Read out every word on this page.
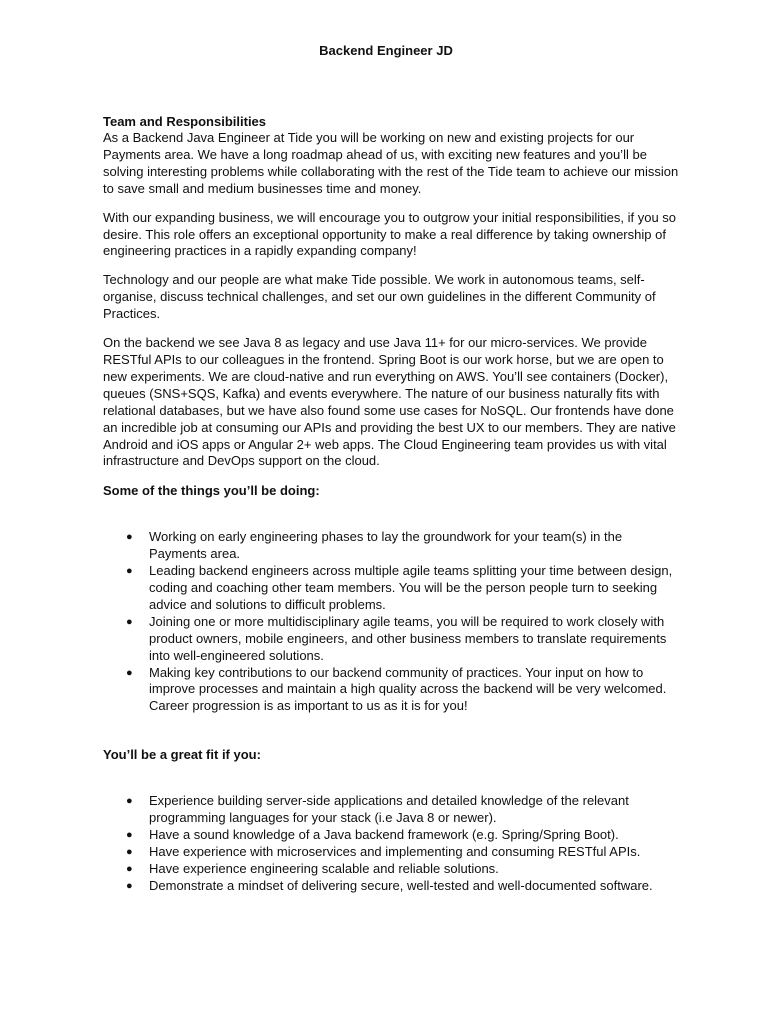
Backend Engineer JD
Team and Responsibilities

As a Backend Java Engineer at Tide you will be working on new and existing projects for our Payments area. We have a long roadmap ahead of us, with exciting new features and you’ll be solving interesting problems while collaborating with the rest of the Tide team to achieve our mission to save small and medium businesses time and money.

With our expanding business, we will encourage you to outgrow your initial responsibilities, if you so desire. This role offers an exceptional opportunity to make a real difference by taking ownership of engineering practices in a rapidly expanding company!

Technology and our people are what make Tide possible. We work in autonomous teams, self-organise, discuss technical challenges, and set our own guidelines in the different Community of Practices.

On the backend we see Java 8 as legacy and use Java 11+ for our micro-services. We provide RESTful APIs to our colleagues in the frontend. Spring Boot is our work horse, but we are open to new experiments. We are cloud-native and run everything on AWS. You’ll see containers (Docker), queues (SNS+SQS, Kafka) and events everywhere. The nature of our business naturally fits with relational databases, but we have also found some use cases for NoSQL. Our frontends have done an incredible job at consuming our APIs and providing the best UX to our members. They are native Android and iOS apps or Angular 2+ web apps. The Cloud Engineering team provides us with vital infrastructure and DevOps support on the cloud.

Some of the things you’ll be doing:
● Working on early engineering phases to lay the groundwork for your team(s) in the Payments area.
● Leading backend engineers across multiple agile teams splitting your time between design, coding and coaching other team members. You will be the person people turn to seeking advice and solutions to difficult problems.
● Joining one or more multidisciplinary agile teams, you will be required to work closely with product owners, mobile engineers, and other business members to translate requirements into well-engineered solutions.
● Making key contributions to our backend community of practices. Your input on how to improve processes and maintain a high quality across the backend will be very welcomed. Career progression is as important to us as it is for you!
You’ll be a great fit if you:
● Experience building server-side applications and detailed knowledge of the relevant programming languages for your stack (i.e Java 8 or newer).
● Have a sound knowledge of a Java backend framework (e.g. Spring/Spring Boot).
● Have experience with microservices and implementing and consuming RESTful APIs.
● Have experience engineering scalable and reliable solutions.
● Demonstrate a mindset of delivering secure, well-tested and well-documented software.
